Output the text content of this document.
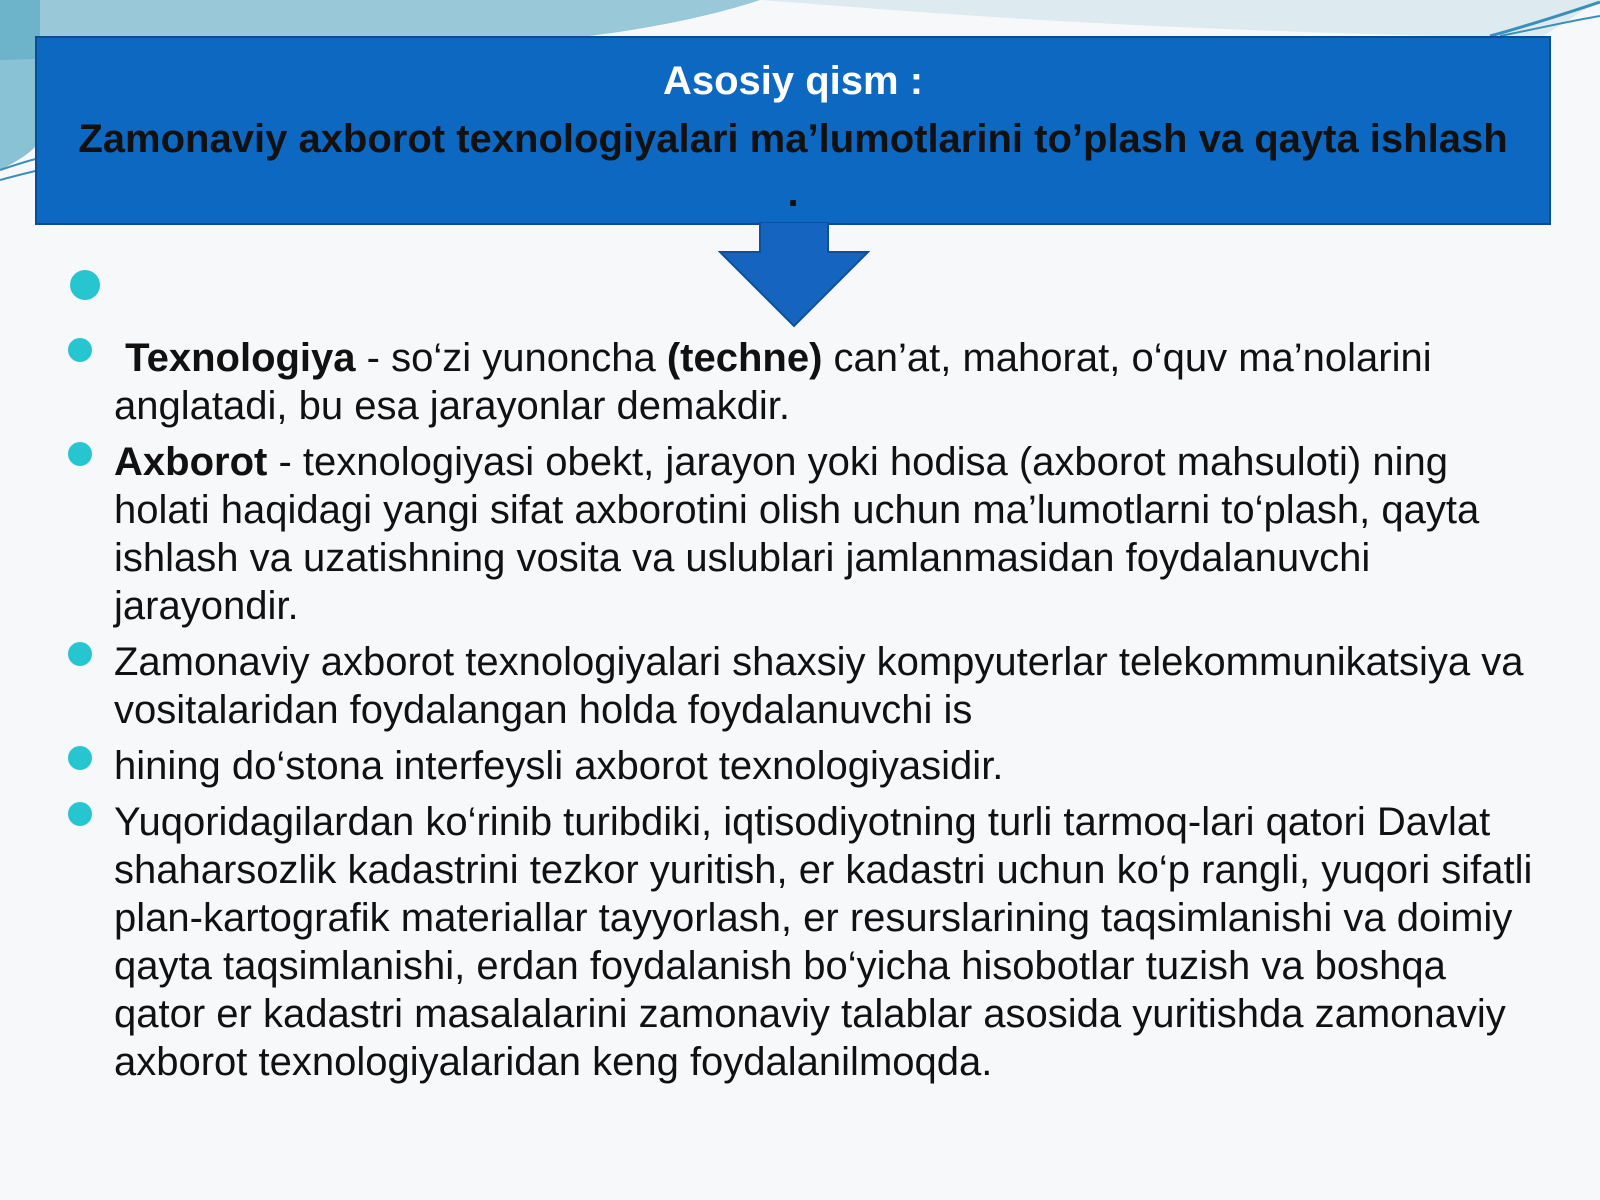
Asosiy qism :
Zamonaviy axborot texnologiyalari ma’lumotlarini to’plash va qayta ishlash .
Texnologiya - so‘zi yunoncha (techne) can’at, mahorat, o‘quv ma’nolarini anglatadi, bu esa jarayonlar demakdir.
Axborot - texnologiyasi obekt, jarayon yoki hodisa (axborot mahsuloti) ning holati haqidagi yangi sifat axborotini olish uchun ma’lumotlarni to‘plash, qayta ishlash va uzatishning vosita va uslublari jamlanmasidan foydalanuvchi jarayondir.
Zamonaviy axborot texnologiyalari shaxsiy kompyuterlar telekommunikatsiya va vositalaridan foydalangan holda foydalanuvchi is
hining do‘stona interfeysli axborot texnologiyasidir.
Yuqoridagilardan ko‘rinib turibdiki, iqtisodiyotning turli tarmoq-lari qatori Davlat shaharsozlik kadastrini tezkor yuritish, er kadastri uchun ko‘p rangli, yuqori sifatli plan-kartografik materiallar tayyorlash, er resurslarining taqsimlanishi va doimiy qayta taqsimlanishi, erdan foydalanish bo‘yicha hisobotlar tuzish va boshqa qator er kadastri masalalarini zamonaviy talablar asosida yuritishda zamonaviy axborot texnologiyalaridan keng foydalanilmoqda.
